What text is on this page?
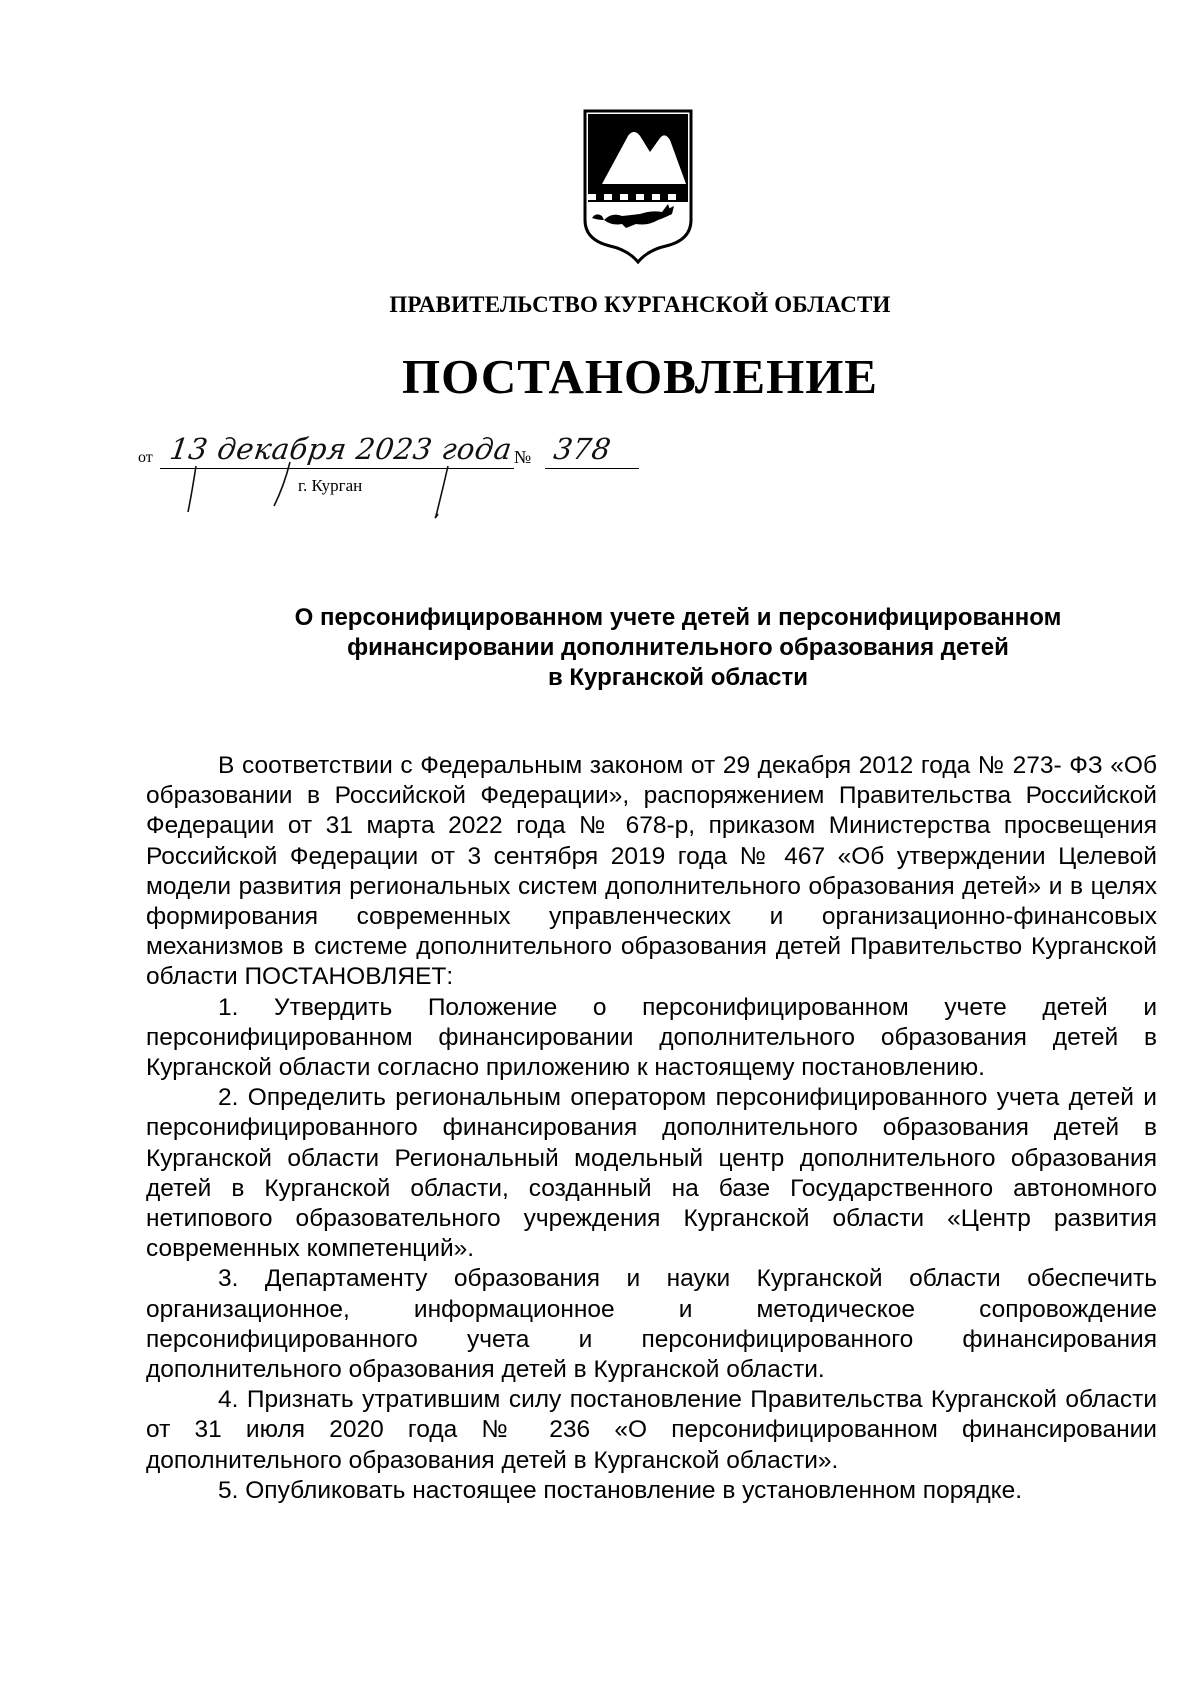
ПРАВИТЕЛЬСТВО КУРГАНСКОЙ ОБЛАСТИ
ПОСТАНОВЛЕНИЕ
от 13 декабря 2023 года № 378
г. Курган
О персонифицированном учете детей и персонифицированном
финансировании дополнительного образования детей
в Курганской области

В соответствии с Федеральным законом от 29 декабря 2012 года № 273- ФЗ «Об образовании в Российской Федерации», распоряжением Правительства Российской Федерации от 31 марта 2022 года № 678-р, приказом Министерства просвещения Российской Федерации от 3 сентября 2019 года № 467 «Об утверждении Целевой модели развития региональных систем дополнительного образования детей» и в целях формирования современных управленческих и организационно-финансовых механизмов в системе дополнительного образования детей Правительство Курганской области ПОСТАНОВЛЯЕТ:

1. Утвердить Положение о персонифицированном учете детей и персонифицированном финансировании дополнительного образования детей в Курганской области согласно приложению к настоящему постановлению.

2. Определить региональным оператором персонифицированного учета детей и персонифицированного финансирования дополнительного образования детей в Курганской области Региональный модельный центр дополнительного образования детей в Курганской области, созданный на базе Государственного автономного нетипового образовательного учреждения Курганской области «Центр развития современных компетенций».

3. Департаменту образования и науки Курганской области обеспечить организационное, информационное и методическое сопровождение персонифицированного учета и персонифицированного финансирования дополнительного образования детей в Курганской области.

4. Признать утратившим силу постановление Правительства Курганской области от 31 июля 2020 года № 236 «О персонифицированном финансировании дополнительного образования детей в Курганской области».

5. Опубликовать настоящее постановление в установленном порядке.
